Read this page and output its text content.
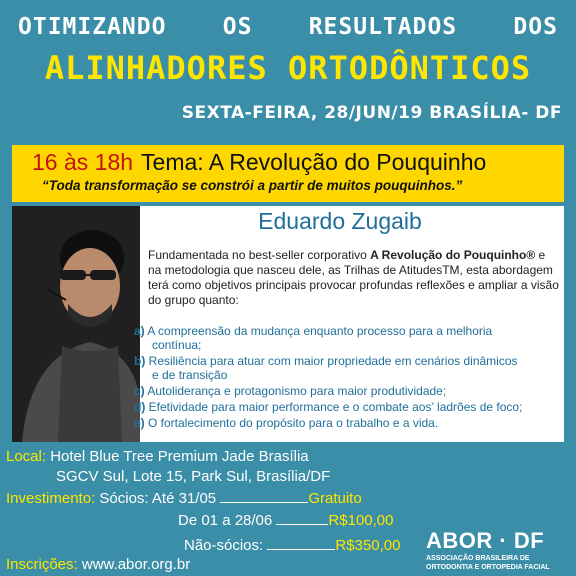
OTIMIZANDO OS RESULTADOS DOS
ALINHADORES ORTODÔNTICOS
SEXTA-FEIRA, 28/JUN/19 BRASÍLIA- DF
16 às 18h Tema: A Revolução do Pouquinho
“Toda transformação se constrói a partir de muitos pouquinhos.”
Eduardo Zugaib
Fundamentada no best-seller corporativo A Revolução do Pouquinho® e na metodologia que nasceu dele, as Trilhas de AtitudesTM, esta abordagem terá como objetivos principais provocar profundas reflexões e ampliar a visão do grupo quanto:
a) A compreensão da mudança enquanto processo para a melhoria
contínua;
b) Resiliência para atuar com maior propriedade em cenários dinâmicos
e de transição
c) Autoliderança e protagonismo para maior produtividade;
d) Efetividade para maior performance e o combate aos’ ladrões de foco;
e) O fortalecimento do propósito para o trabalho e a vida.
Local: Hotel Blue Tree Premium Jade Brasília
SGCV Sul, Lote 15, Park Sul, Brasília/DF
Investimento: Sócios: Até 31/05	Gratuito
De 01 a 28/06	R$100,00
Não-sócios:	R$350,00
Inscrições: www.abor.org.br
ABOR · DF
ASSOCIAÇÃO BRASILEIRA DE
ORTODONTIA E ORTOPEDIA FACIAL
